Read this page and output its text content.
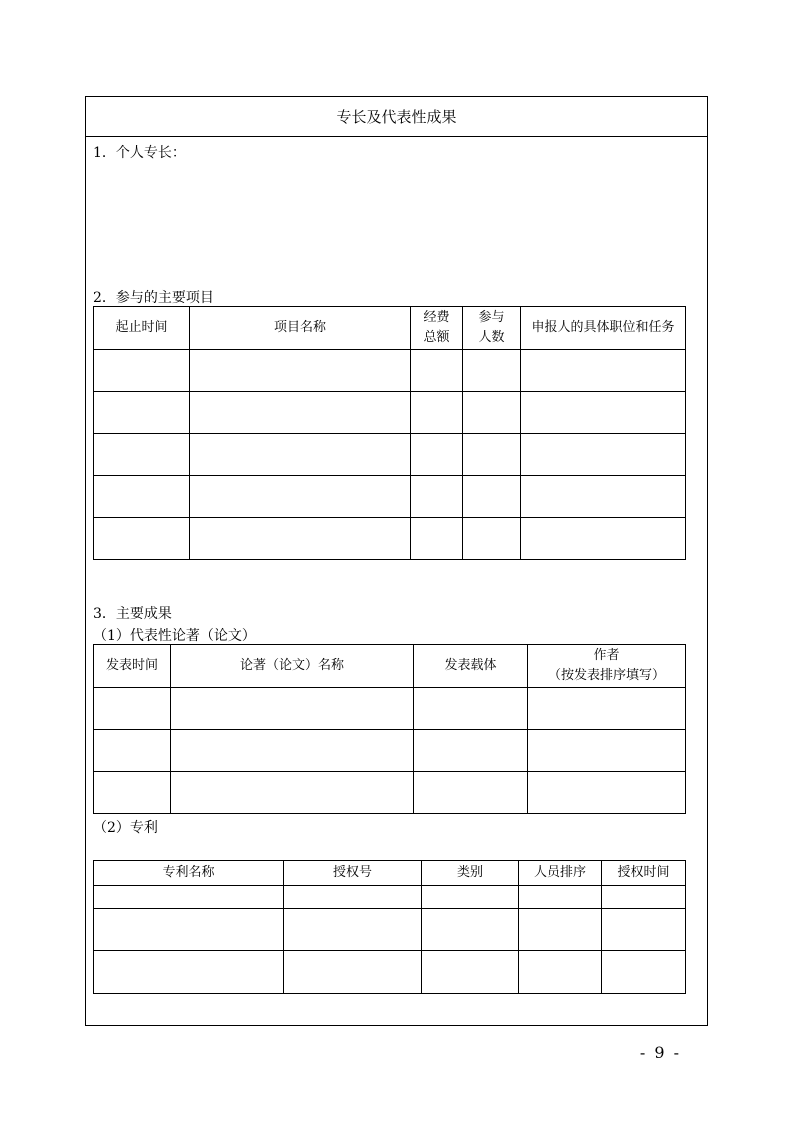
专长及代表性成果
1．个人专长：
2．参与的主要项目
起止时间	项目名称	经费总额	参与人数	申报人的具体职位和任务

3．主要成果
（1）代表性论著（论文）
发表时间	论著（论文）名称	发表载体	作者
（按发表排序填写）

（2）专利
专利名称	授权号	类别	人员排序	授权时间

- 9 -
